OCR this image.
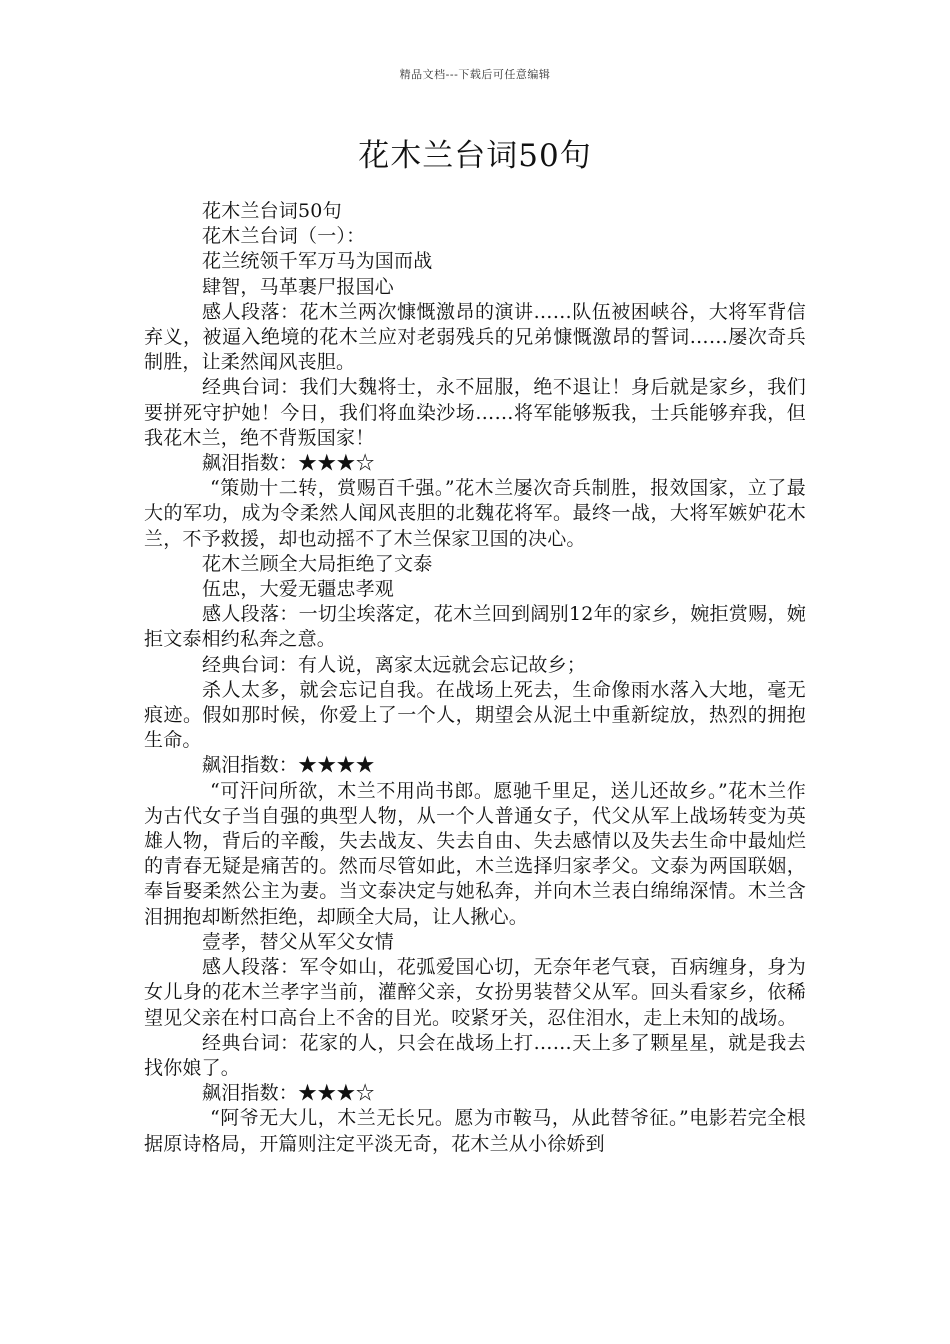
精品文档---下载后可任意编辑
花木兰台词50句

花木兰台词50句

花木兰台词（一）：

花兰统领千军万马为国而战

肆智，马革裹尸报国心

感人段落：花木兰两次慷慨激昂的演讲……队伍被困峡谷，大将军背信弃义，被逼入绝境的花木兰应对老弱残兵的兄弟慷慨激昂的誓词……屡次奇兵制胜，让柔然闻风丧胆。

经典台词：我们大魏将士，永不屈服，绝不退让！身后就是家乡，我们要拼死守护她！今日，我们将血染沙场……将军能够叛我，士兵能够弃我，但我花木兰，绝不背叛国家！

飙泪指数：★★★☆

“策勋十二转，赏赐百千强。”花木兰屡次奇兵制胜，报效国家，立了最大的军功，成为令柔然人闻风丧胆的北魏花将军。最终一战，大将军嫉妒花木兰，不予救援，却也动摇不了木兰保家卫国的决心。

花木兰顾全大局拒绝了文泰

伍忠，大爱无疆忠孝观

感人段落：一切尘埃落定，花木兰回到阔别12年的家乡，婉拒赏赐，婉拒文泰相约私奔之意。

经典台词：有人说，离家太远就会忘记故乡；

杀人太多，就会忘记自我。在战场上死去，生命像雨水落入大地，毫无痕迹。假如那时候，你爱上了一个人，期望会从泥土中重新绽放，热烈的拥抱生命。

飙泪指数：★★★★

“可汗问所欲，木兰不用尚书郎。愿驰千里足，送儿还故乡。”花木兰作为古代女子当自强的典型人物，从一个人普通女子，代父从军上战场转变为英雄人物，背后的辛酸，失去战友、失去自由、失去感情以及失去生命中最灿烂的青春无疑是痛苦的。然而尽管如此，木兰选择归家孝父。文泰为两国联姻，奉旨娶柔然公主为妻。当文泰决定与她私奔，并向木兰表白绵绵深情。木兰含泪拥抱却断然拒绝，却顾全大局，让人揪心。

壹孝，替父从军父女情

感人段落：军令如山，花弧爱国心切，无奈年老气衰，百病缠身，身为女儿身的花木兰孝字当前，灌醉父亲，女扮男装替父从军。回头看家乡，依稀望见父亲在村口高台上不舍的目光。咬紧牙关，忍住泪水，走上未知的战场。

经典台词：花家的人，只会在战场上打……天上多了颗星星，就是我去找你娘了。

飙泪指数：★★★☆

“阿爷无大儿，木兰无长兄。愿为市鞍马，从此替爷征。”电影若完全根据原诗格局，开篇则注定平淡无奇，花木兰从小徐娇到
